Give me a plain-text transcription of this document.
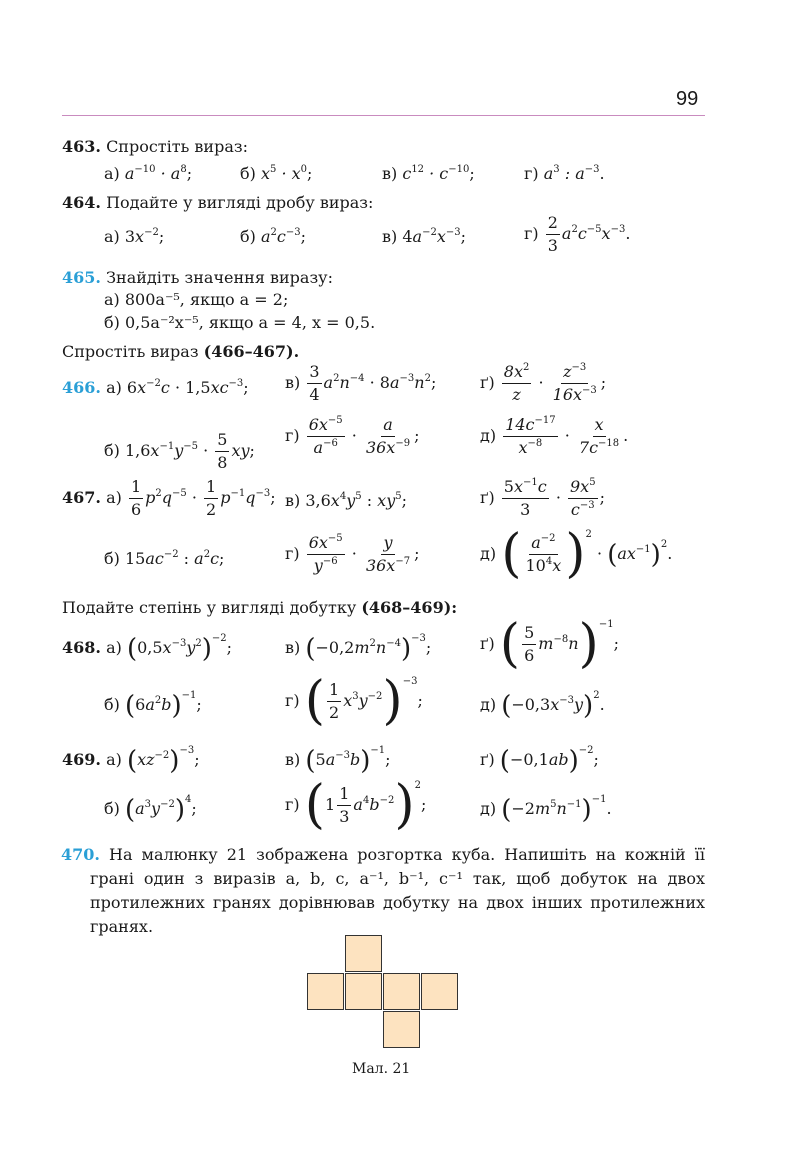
99
463. Спростіть вираз:
а) $a^{-10} \cdot a^8$;	б) $x^5 \cdot x^0$;	в) $c^{12} \cdot c^{-10}$;	г) $a^3$ : $a^{-3}$.
464. Подайте у вигляді дробу вираз:
а) $3x^{-2}$;	б) $a^2c^{-3}$;	в) $4a^{-2}x^{-3}$;	$г) \frac{2}{3} a^2c^{-5}x^{-3}$.
465. Знайдіть значення виразу:
а) 800a⁻⁵, якщо a = 2;
б) 0,5a⁻²x⁻⁵, якщо a = 4, x = 0,5.
Спростіть вираз (466–467).
466. а) $6x^{-2}c \cdot 1,5xc^{-3}$; $в) \frac{3}{4} a^2n^{-4} \cdot 8a^{-3}n^2$;	$ґ) \frac{8x^2}{z} \cdot \frac{z^{-3}}{16x^{-3}}$ ;
б) $1,6x^{-1}y^{-5} \cdot \frac{5}{8}$ xy;
$г) \frac{6x^{-5}}{a^{-6}} \cdot \frac{a}{36x^{-9}}$ ;	$д) \frac{14c^{-17}}{x^{-8}} \cdot \frac{x}{7c^{-18}}$ .
467. $а) \frac{1}{6} p^2q^{-5} \cdot \frac{1}{2} p^{-1}q^{-3}$; в) $3,6x^4y^5$ : $xy^5$;	$ґ) \frac{5x^{-1}c}{3} \cdot \frac{9x^5}{c^{-3}}$ ;
б) $15ac^{-2}$ : $a^2c$;	$г) \frac{6x^{-5}}{y^{-6}} \cdot \frac{y}{36x^{-7}}$ ;	д) ( $\frac{a^{-2}}{10^4x} )^2 \cdot (ax^{-1})^2$.
Подайте степінь у вигляді добутку (468–469):
468. а) $(0,5x^{-3}y^2)^{-2}$;	в) $(-0,2m^2n^{-4})^{-3}$;	ґ) ( $\frac{5}{6} m^{-8}n)^{-1}$;
б) $(6a^2b)^{-1}$;	г) ( $\frac{1}{2} x^3y^{-2})^{-3}$;	д) $(-0,3x^{-3}y)^2$.
469. а) $(xz^{-2})^{-3}$;	в) $(5a^{-3}b)^{-1}$;	ґ) $(-0,1ab)^{-2}$;
б) $(a^3y^{-2})^4$;	г) $(1 \frac{1}{3} a^4b^{-2})^2$;	д) $(-2m^5n^{-1})^{-1}$.
470. На малюнку 21 зображена розгортка куба. Напишіть на кожній її грані один з виразів a, b, c, a⁻¹, b⁻¹, c⁻¹ так, щоб добуток на двох протилежних гранях дорівнював добутку на двох інших протилежних гранях.
Мал. 21
